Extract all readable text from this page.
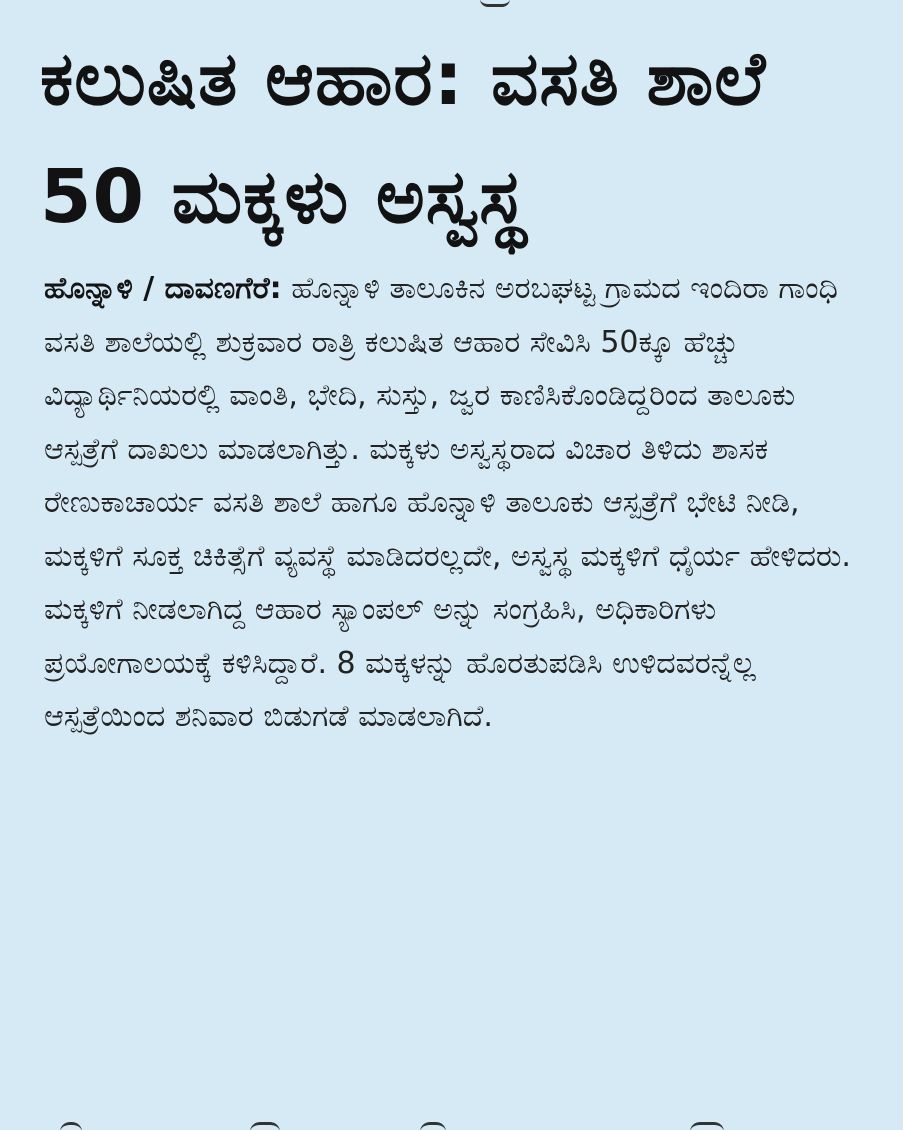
ಕಲುಷಿತ ಆಹಾರ: ವಸತಿ ಶಾಲೆ 50 ಮಕ್ಕಳು ಅಸ್ವಸ್ಥ

ಹೊನ್ನಾಳಿ / ದಾವಣಗೆರೆ: ಹೊನ್ನಾಳಿ ತಾಲೂಕಿನ ಅರಬಘಟ್ಟ ಗ್ರಾಮದ ಇಂದಿರಾ ಗಾಂಧಿ ವಸತಿ ಶಾಲೆಯಲ್ಲಿ ಶುಕ್ರವಾರ ರಾತ್ರಿ ಕಲುಷಿತ ಆಹಾರ ಸೇವಿಸಿ 50ಕ್ಕೂ ಹೆಚ್ಚು ವಿದ್ಯಾರ್ಥಿನಿಯರಲ್ಲಿ ವಾಂತಿ, ಭೇದಿ, ಸುಸ್ತು, ಜ್ವರ ಕಾಣಿಸಿಕೊಂಡಿದ್ದರಿಂದ ತಾಲೂಕು ಆಸ್ಪತ್ರೆಗೆ ದಾಖಲು ಮಾಡಲಾಗಿತ್ತು. ಮಕ್ಕಳು ಅಸ್ವಸ್ಥರಾದ ವಿಚಾರ ತಿಳಿದು ಶಾಸಕ ರೇಣುಕಾಚಾರ್ಯ ವಸತಿ ಶಾಲೆ ಹಾಗೂ ಹೊನ್ನಾಳಿ ತಾಲೂಕು ಆಸ್ಪತ್ರೆಗೆ ಭೇಟಿ ನೀಡಿ, ಮಕ್ಕಳಿಗೆ ಸೂಕ್ತ ಚಿಕಿತ್ಸೆಗೆ ವ್ಯವಸ್ಥೆ ಮಾಡಿದರಲ್ಲದೇ, ಅಸ್ವಸ್ಥ ಮಕ್ಕಳಿಗೆ ಧೈರ್ಯ ಹೇಳಿದರು. ಮಕ್ಕಳಿಗೆ ನೀಡಲಾಗಿದ್ದ ಆಹಾರ ಸ್ಯಾಂಪಲ್ ಅನ್ನು ಸಂಗ್ರಹಿಸಿ, ಅಧಿಕಾರಿಗಳು ಪ್ರಯೋಗಾಲಯಕ್ಕೆ ಕಳಿಸಿದ್ದಾರೆ. 8 ಮಕ್ಕಳನ್ನು ಹೊರತುಪಡಿಸಿ ಉಳಿದವರನ್ನೆಲ್ಲ ಆಸ್ಪತ್ರೆಯಿಂದ ಶನಿವಾರ ಬಿಡುಗಡೆ ಮಾಡಲಾಗಿದೆ.
